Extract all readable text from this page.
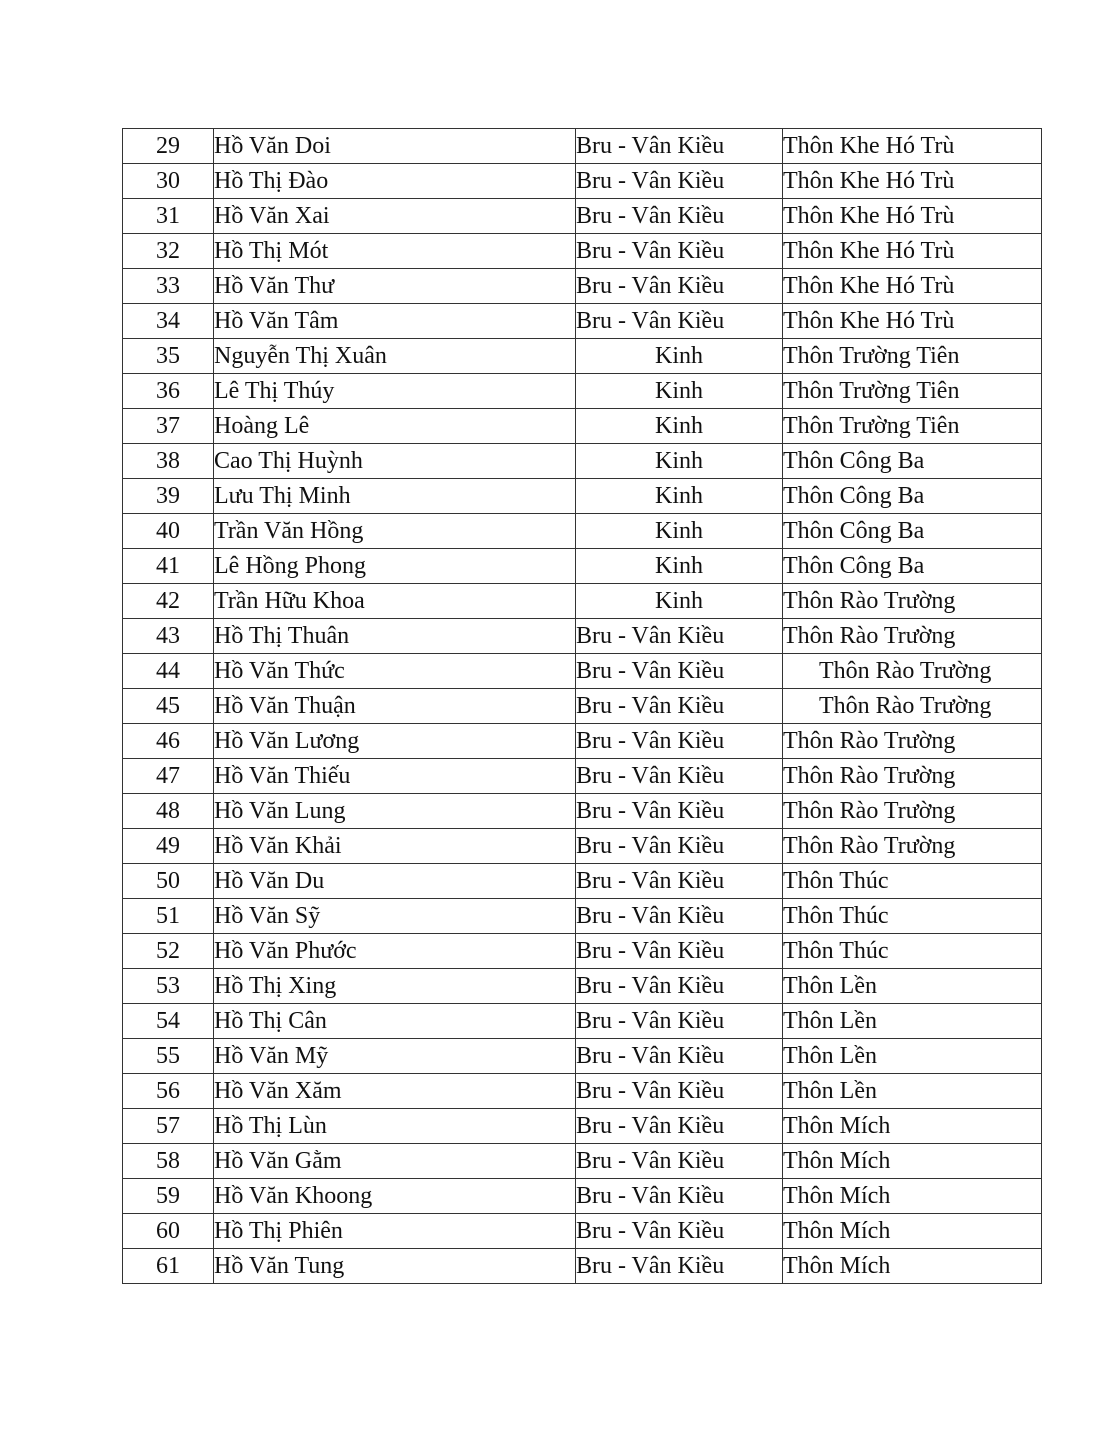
29	Hồ Văn Doi	Bru - Vân Kiều	Thôn Khe Hó Trù
30	Hồ Thị Đào	Bru - Vân Kiều	Thôn Khe Hó Trù
31	Hồ Văn Xai	Bru - Vân Kiều	Thôn Khe Hó Trù
32	Hồ Thị Mót	Bru - Vân Kiều	Thôn Khe Hó Trù
33	Hồ Văn Thư	Bru - Vân Kiều	Thôn Khe Hó Trù
34	Hồ Văn Tâm	Bru - Vân Kiều	Thôn Khe Hó Trù
35	Nguyễn Thị Xuân	Kinh	Thôn Trường Tiên
36	Lê Thị Thúy	Kinh	Thôn Trường Tiên
37	Hoàng Lê	Kinh	Thôn Trường Tiên
38	Cao Thị Huỳnh	Kinh	Thôn Công Ba
39	Lưu Thị Minh	Kinh	Thôn Công Ba
40	Trần Văn Hồng	Kinh	Thôn Công Ba
41	Lê Hồng Phong	Kinh	Thôn Công Ba
42	Trần Hữu Khoa	Kinh	Thôn Rào Trường
43	Hồ Thị Thuân	Bru - Vân Kiều	Thôn Rào Trường
44	Hồ Văn Thức	Bru - Vân Kiều	Thôn Rào Trường
45	Hồ Văn Thuận	Bru - Vân Kiều	Thôn Rào Trường
46	Hồ Văn Lương	Bru - Vân Kiều	Thôn Rào Trường
47	Hồ Văn Thiếu	Bru - Vân Kiều	Thôn Rào Trường
48	Hồ Văn Lung	Bru - Vân Kiều	Thôn Rào Trường
49	Hồ Văn Khải	Bru - Vân Kiều	Thôn Rào Trường
50	Hồ Văn Du	Bru - Vân Kiều	Thôn Thúc
51	Hồ Văn Sỹ	Bru - Vân Kiều	Thôn Thúc
52	Hồ Văn Phước	Bru - Vân Kiều	Thôn Thúc
53	Hồ Thị Xing	Bru - Vân Kiều	Thôn Lền
54	Hồ Thị Cân	Bru - Vân Kiều	Thôn Lền
55	Hồ Văn Mỹ	Bru - Vân Kiều	Thôn Lền
56	Hồ Văn Xăm	Bru - Vân Kiều	Thôn Lền
57	Hồ Thị Lùn	Bru - Vân Kiều	Thôn Mích
58	Hồ Văn Gằm	Bru - Vân Kiều	Thôn Mích
59	Hồ Văn Khoong	Bru - Vân Kiều	Thôn Mích
60	Hồ Thị Phiên	Bru - Vân Kiều	Thôn Mích
61	Hồ Văn Tung	Bru - Vân Kiều	Thôn Mích
